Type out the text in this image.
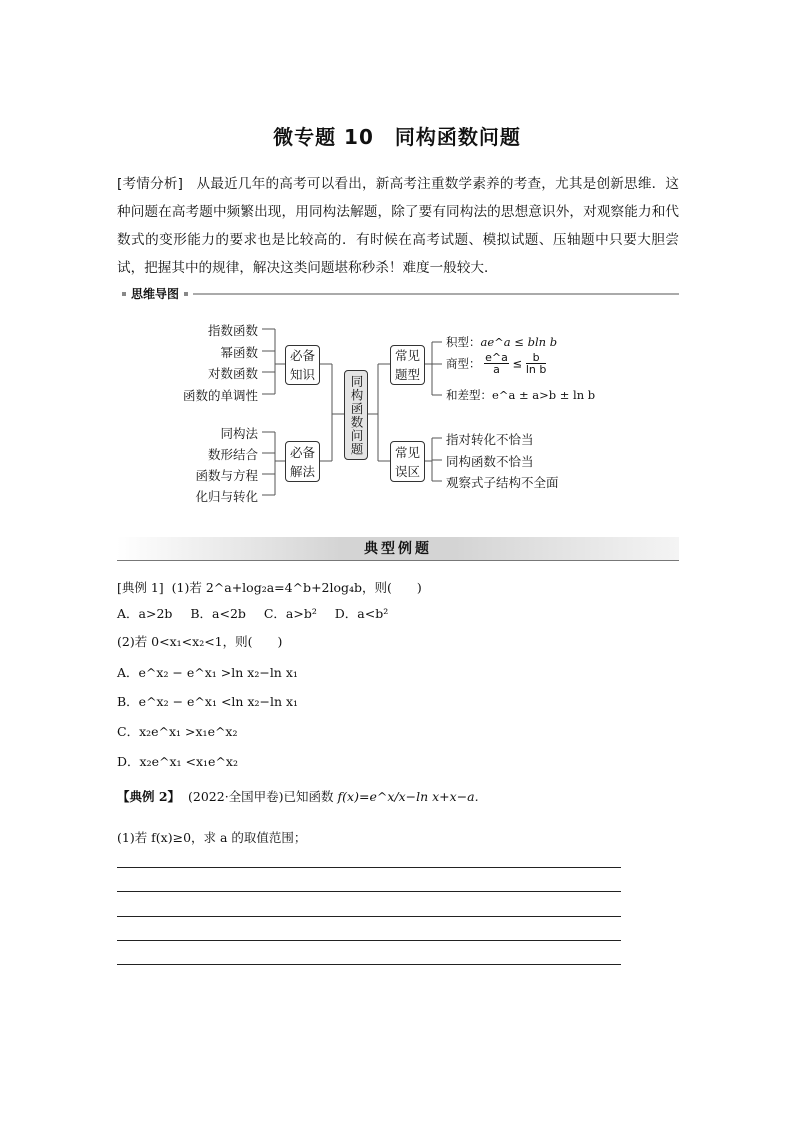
微专题 10　同构函数问题
[考情分析] 从最近几年的高考可以看出，新高考注重数学素养的考查，尤其是创新思维．这种问题在高考题中频繁出现，用同构法解题，除了要有同构法的思想意识外，对观察能力和代数式的变形能力的要求也是比较高的．有时候在高考试题、模拟试题、压轴题中只要大胆尝试，把握其中的规律，解决这类问题堪称秒杀！难度一般较大．
思维导图
指数函数
幂函数
对数函数
函数的单调性
同构法
数形结合
函数与方程
化归与转化
必备知识
必备解法
同构函数问题
常见题型
常见误区
积型：ae^a ≤ bln b
商型： $\frac{e\^{}a}{a} \le \frac{b}{\text{ln b}}$
和差型：e^a ± a>b ± ln b
指对转化不恰当
同构函数不恰当
观察式子结构不全面
典型例题
[典例 1] (1)若 2^a+log₂a=4^b+2log₄b，则(　　)
A．a>2b B．a<2b C．a>b² D．a<b²
(2)若 0<x₁<x₂<1，则(　　)
A．e^x₂ − e^x₁ >ln x₂−ln x₁
B．e^x₂ − e^x₁ <ln x₂−ln x₁
C．x₂e^x₁ >x₁e^x₂
D．x₂e^x₁ <x₁e^x₂
【典例 2】 (2022·全国甲卷)已知函数 f(x)=e^x/x−ln x+x−a.
(1)若 f(x)≥0，求 a 的取值范围；
